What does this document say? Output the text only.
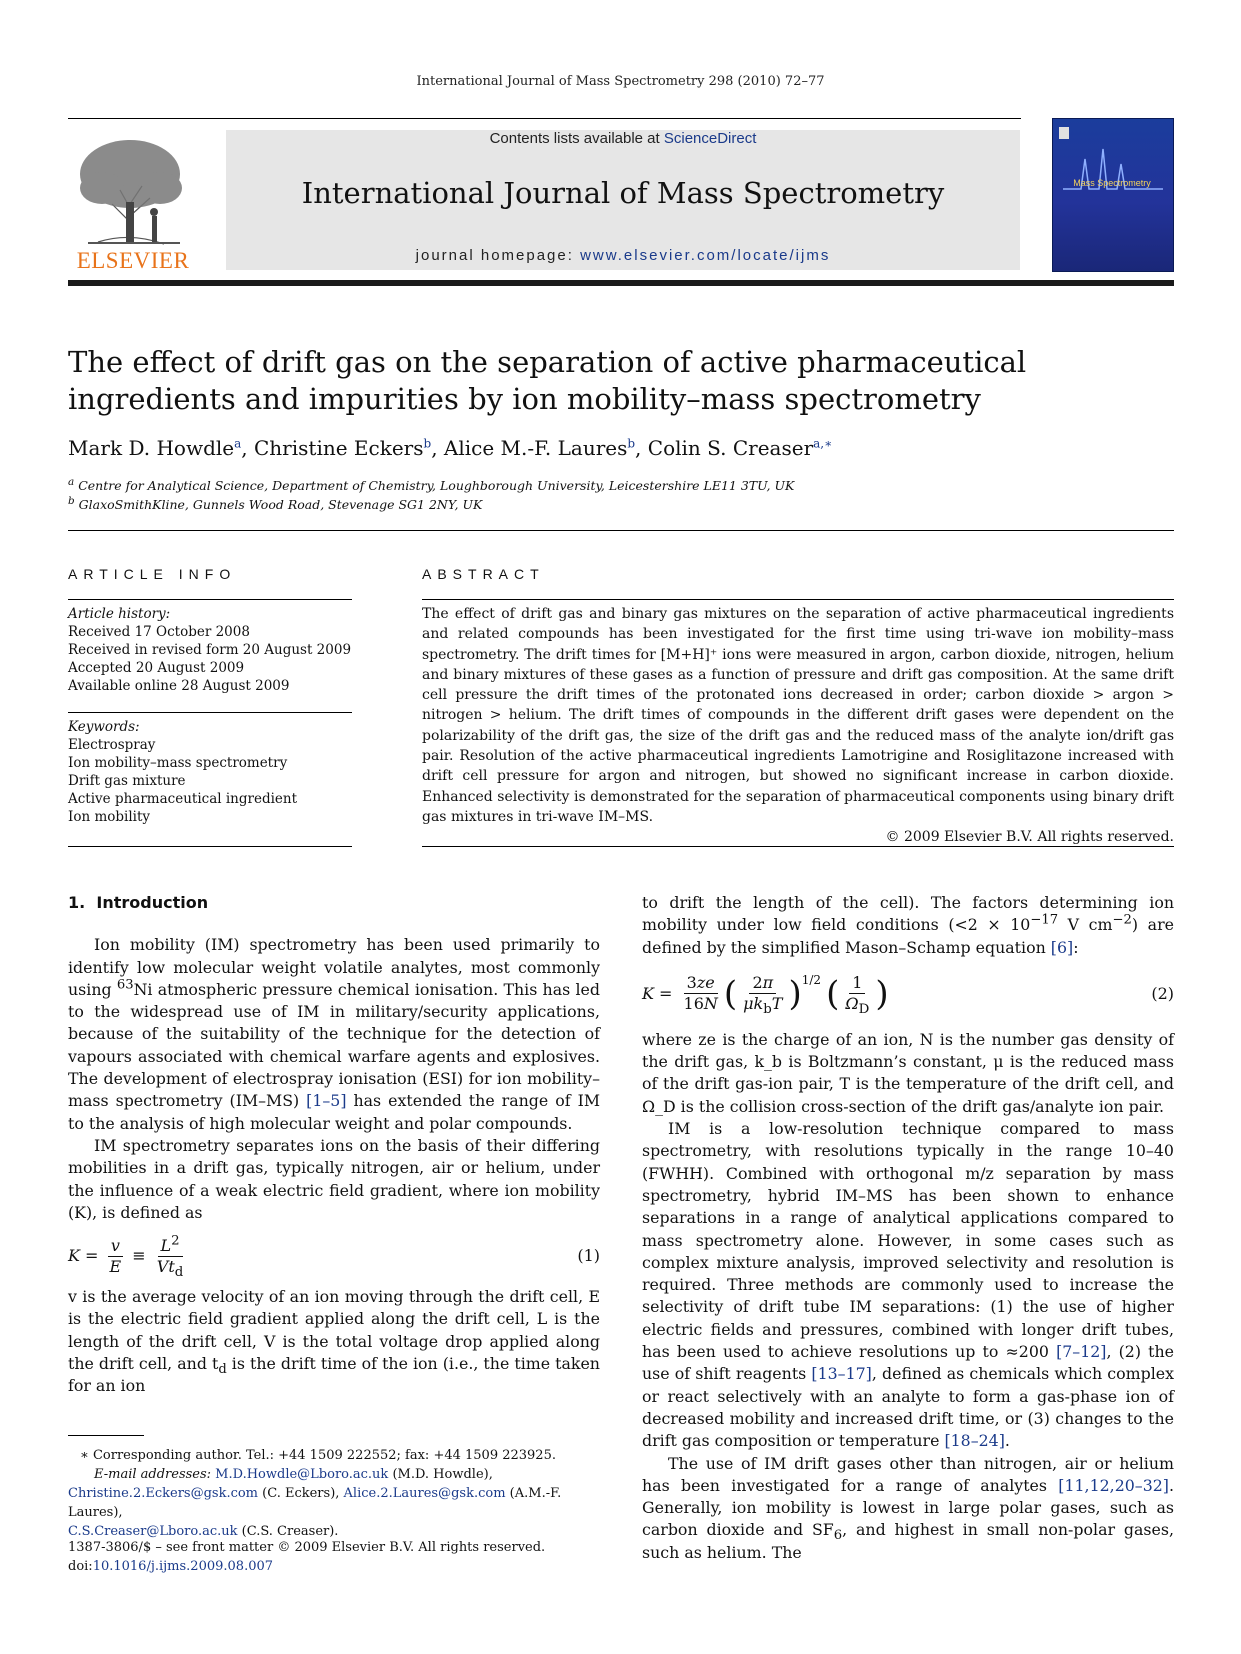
International Journal of Mass Spectrometry 298 (2010) 72–77
ELSEVIER
Contents lists available at ScienceDirect
International Journal of Mass Spectrometry
journal homepage: www.elsevier.com/locate/ijms
Mass Spectrometry
The effect of drift gas on the separation of active pharmaceutical ingredients and impurities by ion mobility–mass spectrometry
Mark D. Howdle$^a$, Christine Eckers$^b$, Alice M.-F. Laures$^b$, Colin S. Creaser$^{a,∗}$
$^a$ Centre for Analytical Science, Department of Chemistry, Loughborough University, Leicestershire LE11 3TU, UK
$^b$ GlaxoSmithKline, Gunnels Wood Road, Stevenage SG1 2NY, UK
ARTICLE INFO
Article history:
Received 17 October 2008
Received in revised form 20 August 2009
Accepted 20 August 2009
Available online 28 August 2009
Keywords:
Electrospray
Ion mobility–mass spectrometry
Drift gas mixture
Active pharmaceutical ingredient
Ion mobility
ABSTRACT
The effect of drift gas and binary gas mixtures on the separation of active pharmaceutical ingredients and related compounds has been investigated for the first time using tri-wave ion mobility–mass spectrometry. The drift times for [M+H]⁺ ions were measured in argon, carbon dioxide, nitrogen, helium and binary mixtures of these gases as a function of pressure and drift gas composition. At the same drift cell pressure the drift times of the protonated ions decreased in order; carbon dioxide > argon > nitrogen > helium. The drift times of compounds in the different drift gases were dependent on the polarizability of the drift gas, the size of the drift gas and the reduced mass of the analyte ion/drift gas pair. Resolution of the active pharmaceutical ingredients Lamotrigine and Rosiglitazone increased with drift cell pressure for argon and nitrogen, but showed no significant increase in carbon dioxide. Enhanced selectivity is demonstrated for the separation of pharmaceutical components using binary drift gas mixtures in tri-wave IM–MS.
© 2009 Elsevier B.V. All rights reserved.

1. Introduction

Ion mobility (IM) spectrometry has been used primarily to identify low molecular weight volatile analytes, most commonly using $^{63}$Ni atmospheric pressure chemical ionisation. This has led to the widespread use of IM in military/security applications, because of the suitability of the technique for the detection of vapours associated with chemical warfare agents and explosives. The development of electrospray ionisation (ESI) for ion mobility–mass spectrometry (IM–MS) [1–5] has extended the range of IM to the analysis of high molecular weight and polar compounds.

IM spectrometry separates ions on the basis of their differing mobilities in a drift gas, typically nitrogen, air or helium, under the influence of a weak electric field gradient, where ion mobility (K), is defined as

$K = \frac{v}{E} \equiv \frac{L^2}{Vt_d}$	(1)

v is the average velocity of an ion moving through the drift cell, E is the electric field gradient applied along the drift cell, L is the length of the drift cell, V is the total voltage drop applied along the drift cell, and $t_d$ is the drift time of the ion (i.e., the time taken for an ion

to drift the length of the cell). The factors determining ion mobility under low field conditions ($<2 \times 10^{-17}$ V $cm^{-2}$) are defined by the simplified Mason–Schamp equation [6]:

$K = \frac{3ze}{16N}$ ( $\frac{2\pi}{\mu k_bT} )^{1/2}$
( $\frac{1}{\Omega_D}$ )	(2)

where ze is the charge of an ion, N is the number gas density of the drift gas, k_b is Boltzmann’s constant, μ is the reduced mass of the drift gas-ion pair, T is the temperature of the drift cell, and Ω_D is the collision cross-section of the drift gas/analyte ion pair.

IM is a low-resolution technique compared to mass spectrometry, with resolutions typically in the range 10–40 (FWHH). Combined with orthogonal m/z separation by mass spectrometry, hybrid IM–MS has been shown to enhance separations in a range of analytical applications compared to mass spectrometry alone. However, in some cases such as complex mixture analysis, improved selectivity and resolution is required. Three methods are commonly used to increase the selectivity of drift tube IM separations: (1) the use of higher electric fields and pressures, combined with longer drift tubes, has been used to achieve resolutions up to ≈200 [7–12], (2) the use of shift reagents [13–17], defined as chemicals which complex or react selectively with an analyte to form a gas-phase ion of decreased mobility and increased drift time, or (3) changes to the drift gas composition or temperature [18–24].

The use of IM drift gases other than nitrogen, air or helium has been investigated for a range of analytes [11,12,20–32]. Generally, ion mobility is lowest in large polar gases, such as carbon dioxide and $SF_6$, and highest in small non-polar gases, such as helium. The

∗ Corresponding author. Tel.: +44 1509 222552; fax: +44 1509 223925.
E-mail addresses: M.D.Howdle@Lboro.ac.uk (M.D. Howdle),
Christine.2.Eckers@gsk.com (C. Eckers), Alice.2.Laures@gsk.com (A.M.-F. Laures),
C.S.Creaser@Lboro.ac.uk (C.S. Creaser).
1387-3806/$ – see front matter © 2009 Elsevier B.V. All rights reserved.
doi:10.1016/j.ijms.2009.08.007
